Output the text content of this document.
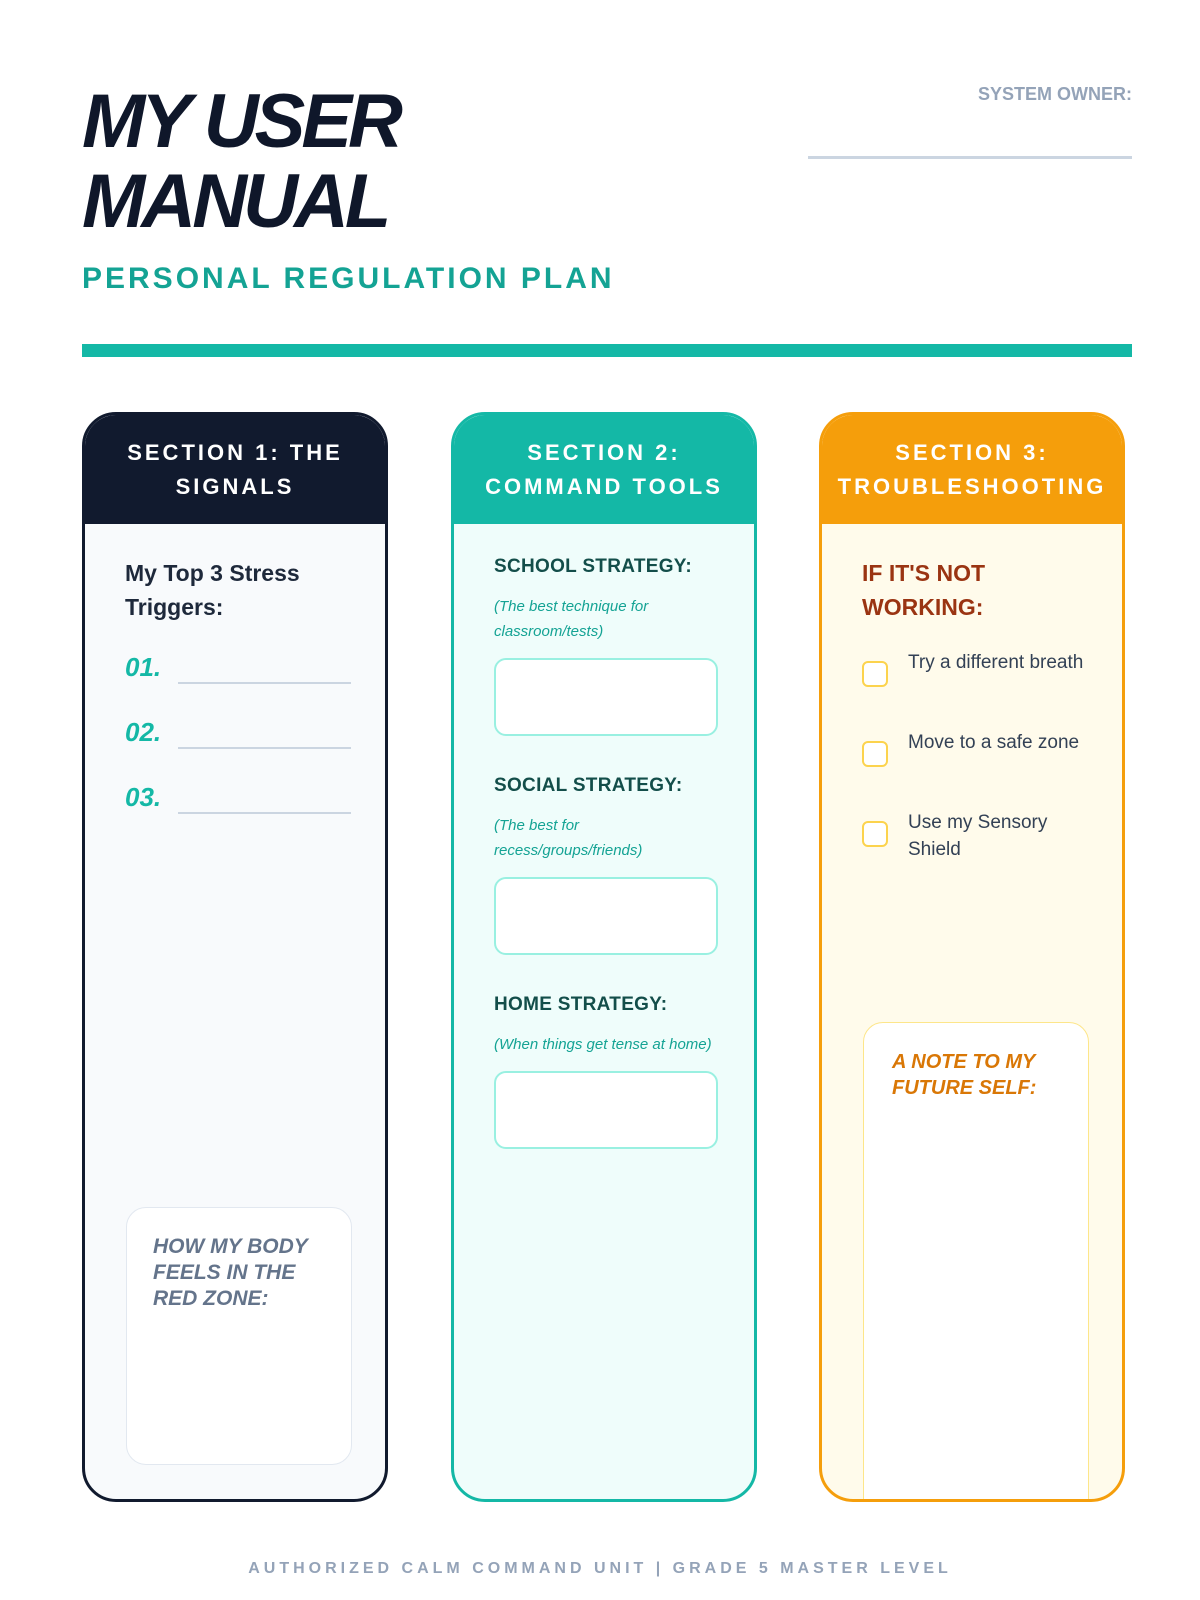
MY USER
MANUAL
PERSONAL REGULATION PLAN
SYSTEM OWNER:
SECTION 1: THE SIGNALS
My Top 3 Stress Triggers:
01.
02.
03.
HOW MY BODY FEELS IN THE RED ZONE:
SECTION 2: COMMAND TOOLS
SCHOOL STRATEGY:
(The best technique for classroom/tests)
SOCIAL STRATEGY:
(The best for recess/groups/friends)
HOME STRATEGY:
(When things get tense at home)
SECTION 3: TROUBLESHOOTING
IF IT'S NOT WORKING:
Try a different breath
Move to a safe zone
Use my Sensory Shield
A NOTE TO MY FUTURE SELF:
AUTHORIZED CALM COMMAND UNIT | GRADE 5 MASTER LEVEL
